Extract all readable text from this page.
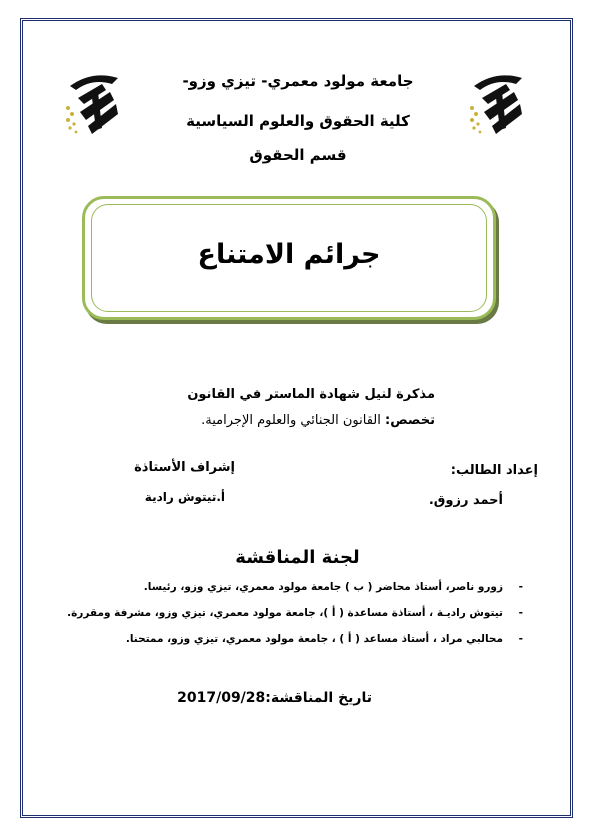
جامعة مولود معمري- تيزي وزو-
كلية الحقوق والعلوم السياسية
قسم الحقوق
جرائم الامتناع
مذكرة لنيل شهادة الماستر في القانون
تخصص: القانون الجنائي والعلوم الإجرامية.
إعداد الطالب:
أحمد رزوق.
إشراف الأستاذة
أ.تيتوش رادية
لجنة المناقشة
-
زورو ناصر، أستاذ محاضر ( ب ) جامعة مولود معمري، تيزي وزو، رئيسا.
-
تيتوش راديـة ، أستاذة مساعدة ( أ )، جامعة مولود معمري، تيزي وزو، مشرفة ومقررة.
-
محالبي مراد ، أستاذ مساعد ( أ ) ، جامعة مولود معمري، تيزي وزو، ممتحنا.
تاريخ المناقشة:2017/09/28
